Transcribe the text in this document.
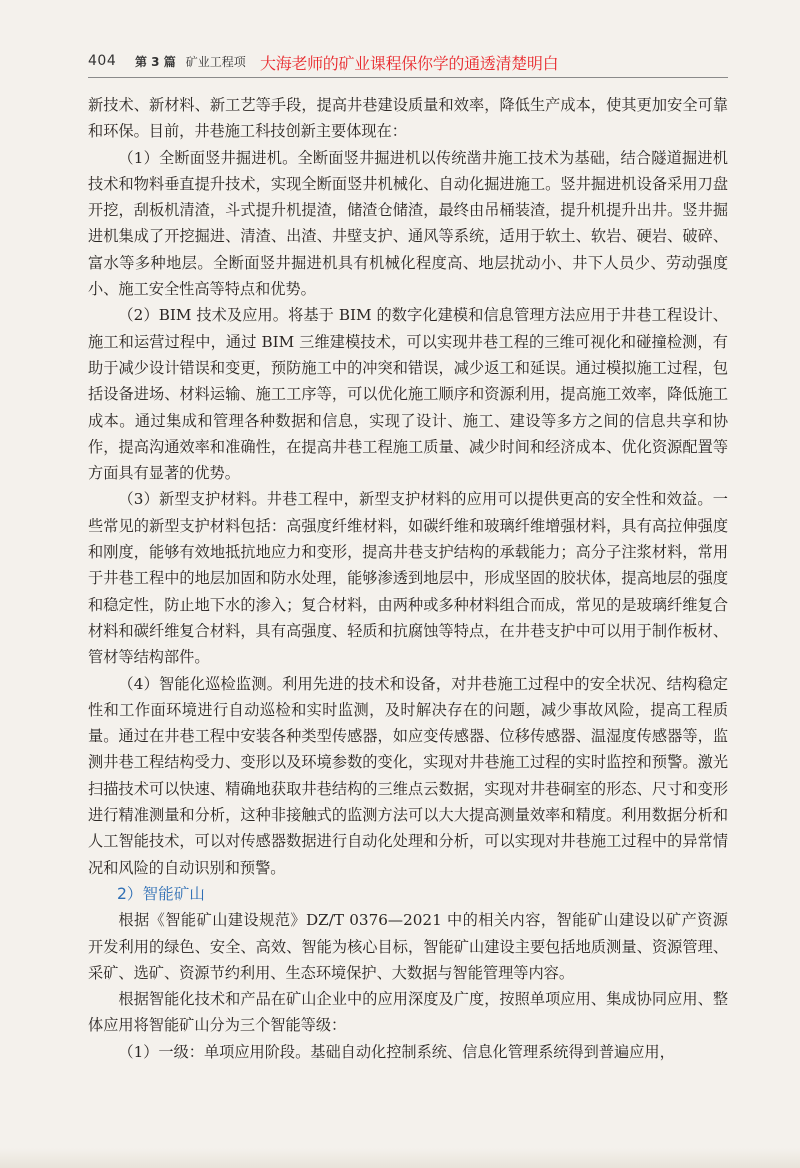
404 第 3 篇 矿业工程项 大海老师的矿业课程保你学的通透清楚明白

新技术、新材料、新工艺等手段，提高井巷建设质量和效率，降低生产成本，使其更加安全可靠和环保。目前，井巷施工科技创新主要体现在：

（1）全断面竖井掘进机。全断面竖井掘进机以传统凿井施工技术为基础，结合隧道掘进机技术和物料垂直提升技术，实现全断面竖井机械化、自动化掘进施工。竖井掘进机设备采用刀盘开挖，刮板机清渣，斗式提升机提渣，储渣仓储渣，最终由吊桶装渣，提升机提升出井。竖井掘进机集成了开挖掘进、清渣、出渣、井壁支护、通风等系统，适用于软土、软岩、硬岩、破碎、富水等多种地层。全断面竖井掘进机具有机械化程度高、地层扰动小、井下人员少、劳动强度小、施工安全性高等特点和优势。

（2）BIM 技术及应用。将基于 BIM 的数字化建模和信息管理方法应用于井巷工程设计、施工和运营过程中，通过 BIM 三维建模技术，可以实现井巷工程的三维可视化和碰撞检测，有助于减少设计错误和变更，预防施工中的冲突和错误，减少返工和延误。通过模拟施工过程，包括设备进场、材料运输、施工工序等，可以优化施工顺序和资源利用，提高施工效率，降低施工成本。通过集成和管理各种数据和信息，实现了设计、施工、建设等多方之间的信息共享和协作，提高沟通效率和准确性，在提高井巷工程施工质量、减少时间和经济成本、优化资源配置等方面具有显著的优势。

（3）新型支护材料。井巷工程中，新型支护材料的应用可以提供更高的安全性和效益。一些常见的新型支护材料包括：高强度纤维材料，如碳纤维和玻璃纤维增强材料，具有高拉伸强度和刚度，能够有效地抵抗地应力和变形，提高井巷支护结构的承载能力；高分子注浆材料，常用于井巷工程中的地层加固和防水处理，能够渗透到地层中，形成坚固的胶状体，提高地层的强度和稳定性，防止地下水的渗入；复合材料，由两种或多种材料组合而成，常见的是玻璃纤维复合材料和碳纤维复合材料，具有高强度、轻质和抗腐蚀等特点，在井巷支护中可以用于制作板材、管材等结构部件。

（4）智能化巡检监测。利用先进的技术和设备，对井巷施工过程中的安全状况、结构稳定性和工作面环境进行自动巡检和实时监测，及时解决存在的问题，减少事故风险，提高工程质量。通过在井巷工程中安装各种类型传感器，如应变传感器、位移传感器、温湿度传感器等，监测井巷工程结构受力、变形以及环境参数的变化，实现对井巷施工过程的实时监控和预警。激光扫描技术可以快速、精确地获取井巷结构的三维点云数据，实现对井巷硐室的形态、尺寸和变形进行精准测量和分析，这种非接触式的监测方法可以大大提高测量效率和精度。利用数据分析和人工智能技术，可以对传感器数据进行自动化处理和分析，可以实现对井巷施工过程中的异常情况和风险的自动识别和预警。

2）智能矿山

根据《智能矿山建设规范》DZ/T 0376—2021 中的相关内容，智能矿山建设以矿产资源开发利用的绿色、安全、高效、智能为核心目标，智能矿山建设主要包括地质测量、资源管理、采矿、选矿、资源节约利用、生态环境保护、大数据与智能管理等内容。

根据智能化技术和产品在矿山企业中的应用深度及广度，按照单项应用、集成协同应用、整体应用将智能矿山分为三个智能等级：

（1）一级：单项应用阶段。基础自动化控制系统、信息化管理系统得到普遍应用，
